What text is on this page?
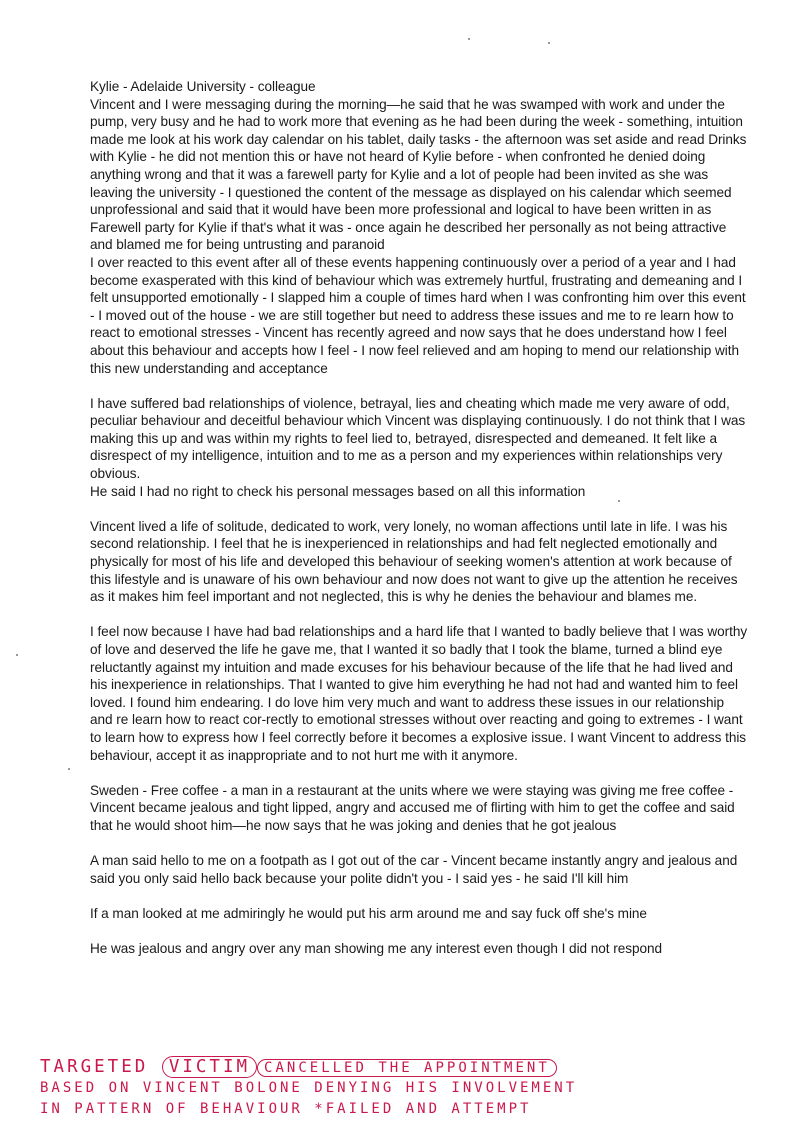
Kylie - Adelaide University - colleague

Vincent and I were messaging during the morning—he said that he was swamped with work and under the pump, very busy and he had to work more that evening as he had been during the week - something, intuition made me look at his work day calendar on his tablet, daily tasks - the afternoon was set aside and read Drinks with Kylie - he did not mention this or have not heard of Kylie before - when confronted he denied doing anything wrong and that it was a farewell party for Kylie and a lot of people had been invited as she was leaving the university - I questioned the content of the message as displayed on his calendar which seemed unprofessional and said that it would have been more professional and logical to have been written in as Farewell party for Kylie if that's what it was - once again he described her personally as not being attractive and blamed me for being untrusting and paranoid

I over reacted to this event after all of these events happening continuously over a period of a year and I had become exasperated with this kind of behaviour which was extremely hurtful, frustrating and demeaning and I felt unsupported emotionally - I slapped him a couple of times hard when I was confronting him over this event - I moved out of the house - we are still together but need to address these issues and me to re learn how to react to emotional stresses - Vincent has recently agreed and now says that he does understand how I feel about this behaviour and accepts how I feel - I now feel relieved and am hoping to mend our relationship with this new understanding and acceptance

I have suffered bad relationships of violence, betrayal, lies and cheating which made me very aware of odd, peculiar behaviour and deceitful behaviour which Vincent was displaying continuously. I do not think that I was making this up and was within my rights to feel lied to, betrayed, disrespected and demeaned. It felt like a disrespect of my intelligence, intuition and to me as a person and my experiences within relationships very obvious.

He said I had no right to check his personal messages based on all this information

Vincent lived a life of solitude, dedicated to work, very lonely, no woman affections until late in life. I was his second relationship. I feel that he is inexperienced in relationships and had felt neglected emotionally and physically for most of his life and developed this behaviour of seeking women's attention at work because of this lifestyle and is unaware of his own behaviour and now does not want to give up the attention he receives as it makes him feel important and not neglected, this is why he denies the behaviour and blames me.

I feel now because I have had bad relationships and a hard life that I wanted to badly believe that I was worthy of love and deserved the life he gave me, that I wanted it so badly that I took the blame, turned a blind eye reluctantly against my intuition and made excuses for his behaviour because of the life that he had lived and his inexperience in relationships. That I wanted to give him everything he had not had and wanted him to feel loved. I found him endearing. I do love him very much and want to address these issues in our relationship and re learn how to react cor-rectly to emotional stresses without over reacting and going to extremes - I want to learn how to express how I feel correctly before it becomes a explosive issue. I want Vincent to address this behaviour, accept it as inappropriate and to not hurt me with it anymore.

Sweden - Free coffee - a man in a restaurant at the units where we were staying was giving me free coffee - Vincent became jealous and tight lipped, angry and accused me of flirting with him to get the coffee and said that he would shoot him—he now says that he was joking and denies that he got jealous

A man said hello to me on a footpath as I got out of the car - Vincent became instantly angry and jealous and said you only said hello back because your polite didn't you - I said yes - he said I'll kill him

If a man looked at me admiringly he would put his arm around me and say fuck off she's mine

He was jealous and angry over any man showing me any interest even though I did not respond

TARGETED VICTIM CANCELLED THE APPOINTMENT

BASED ON VINCENT BOLONE DENYING HIS INVOLVEMENT

IN PATTERN OF BEHAVIOUR *FAILED AND ATTEMPT
